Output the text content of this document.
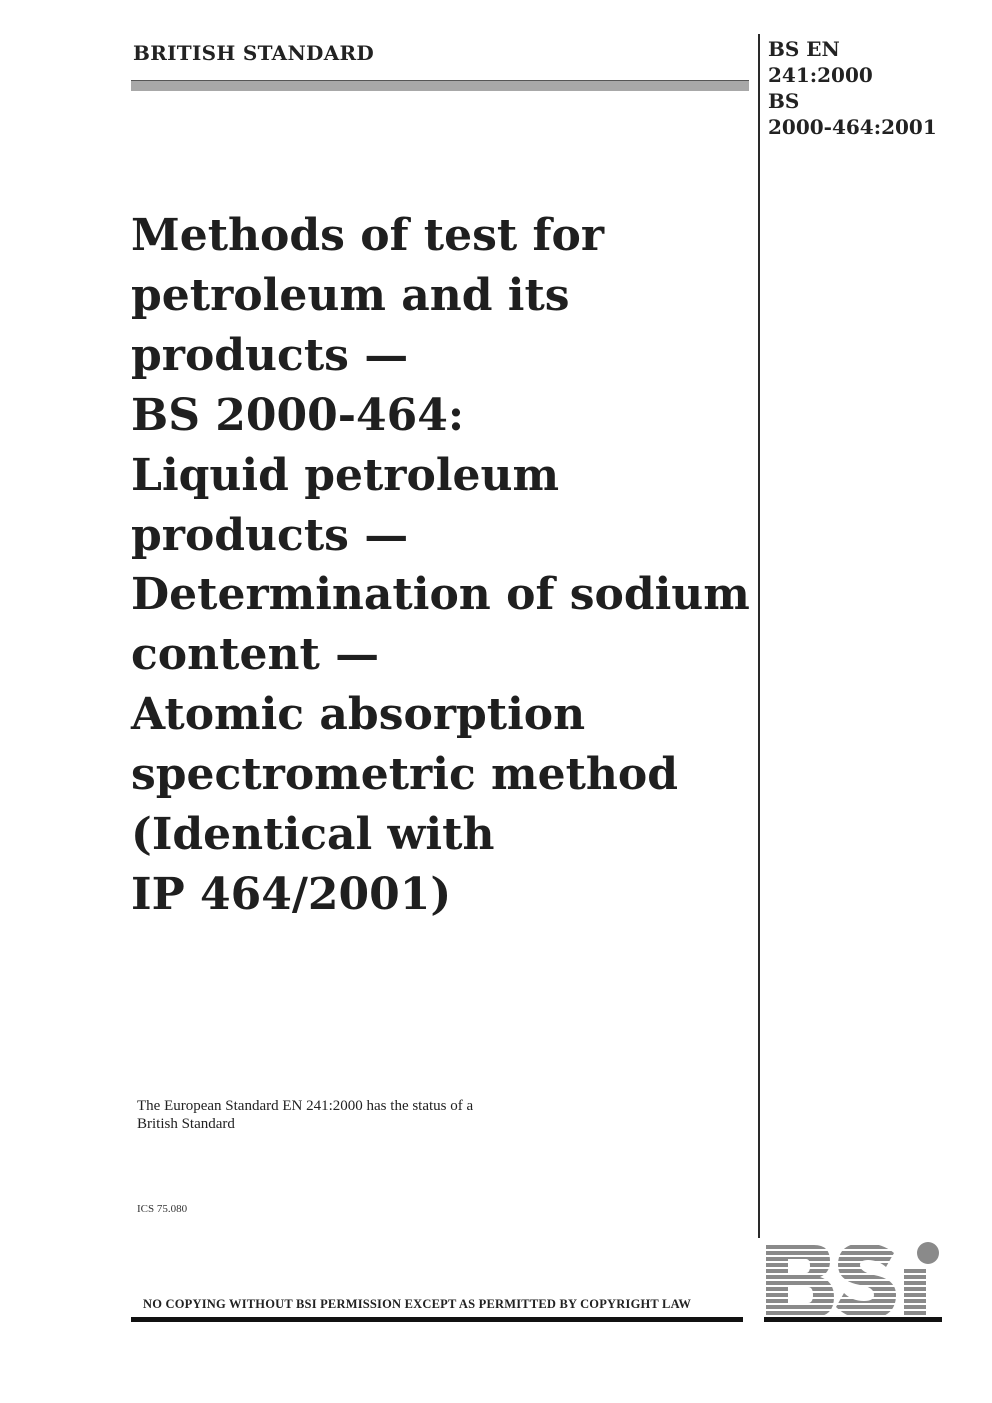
BRITISH STANDARD	BS EN
241:2000
BS
2000-464:2001
Methods of test for
petroleum and its
products —
BS 2000-464:
Liquid petroleum
products —
Determination of sodium
content —
Atomic absorption
spectrometric method
(Identical with
IP 464/2001)
The European Standard EN 241:2000 has the status of a
British Standard
ICS 75.080
NO COPYING WITHOUT BSI PERMISSION EXCEPT AS PERMITTED BY COPYRIGHT LAW
